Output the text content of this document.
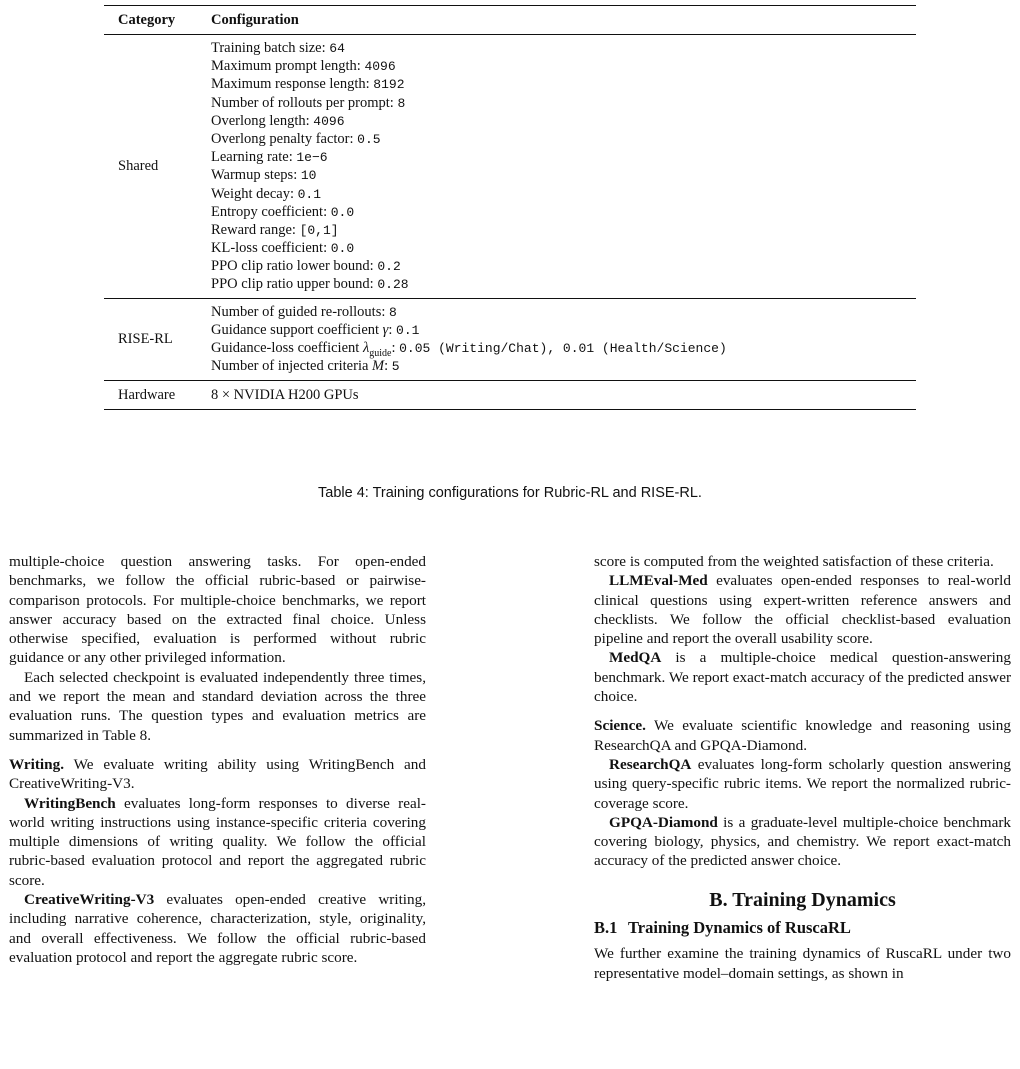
Category	Configuration
Shared
Training batch size: 64
Maximum prompt length: 4096
Maximum response length: 8192
Number of rollouts per prompt: 8
Overlong length: 4096
Overlong penalty factor: 0.5
Learning rate: 1e−6
Warmup steps: 10
Weight decay: 0.1
Entropy coefficient: 0.0
Reward range: [0,1]
KL-loss coefficient: 0.0
PPO clip ratio lower bound: 0.2
PPO clip ratio upper bound: 0.28
RISE-RL
Number of guided re-rollouts: 8
Guidance support coefficient γ: 0.1
Guidance-loss coefficient $\lambda_{guide}$: 0.05 (Writing/Chat), 0.01 (Health/Science)
Number of injected criteria M: 5
Hardware	8 × NVIDIA H200 GPUs
Table 4: Training configurations for Rubric-RL and RISE-RL.

multiple-choice question answering tasks. For open-ended benchmarks, we follow the official rubric-based or pairwise-comparison protocols. For multiple-choice benchmarks, we report answer accuracy based on the extracted final choice. Unless otherwise specified, evaluation is performed without rubric guidance or any other privileged information.

Each selected checkpoint is evaluated independently three times, and we report the mean and standard deviation across the three evaluation runs. The question types and evaluation metrics are summarized in Table 8.

Writing. We evaluate writing ability using WritingBench and CreativeWriting-V3.

WritingBench evaluates long-form responses to diverse real-world writing instructions using instance-specific criteria covering multiple dimensions of writing quality. We follow the official rubric-based evaluation protocol and report the aggregated rubric score.

CreativeWriting-V3 evaluates open-ended creative writing, including narrative coherence, characterization, style, originality, and overall effectiveness. We follow the official rubric-based evaluation protocol and report the aggregate rubric score.

score is computed from the weighted satisfaction of these criteria.

LLMEval-Med evaluates open-ended responses to real-world clinical questions using expert-written reference answers and checklists. We follow the official checklist-based evaluation pipeline and report the overall usability score.

MedQA is a multiple-choice medical question-answering benchmark. We report exact-match accuracy of the predicted answer choice.

Science. We evaluate scientific knowledge and reasoning using ResearchQA and GPQA-Diamond.

ResearchQA evaluates long-form scholarly question answering using query-specific rubric items. We report the normalized rubric-coverage score.

GPQA-Diamond is a graduate-level multiple-choice benchmark covering biology, physics, and chemistry. We report exact-match accuracy of the predicted answer choice.

B. Training Dynamics
B.1 Training Dynamics of RuscaRL

We further examine the training dynamics of RuscaRL under two representative model–domain settings, as shown in
